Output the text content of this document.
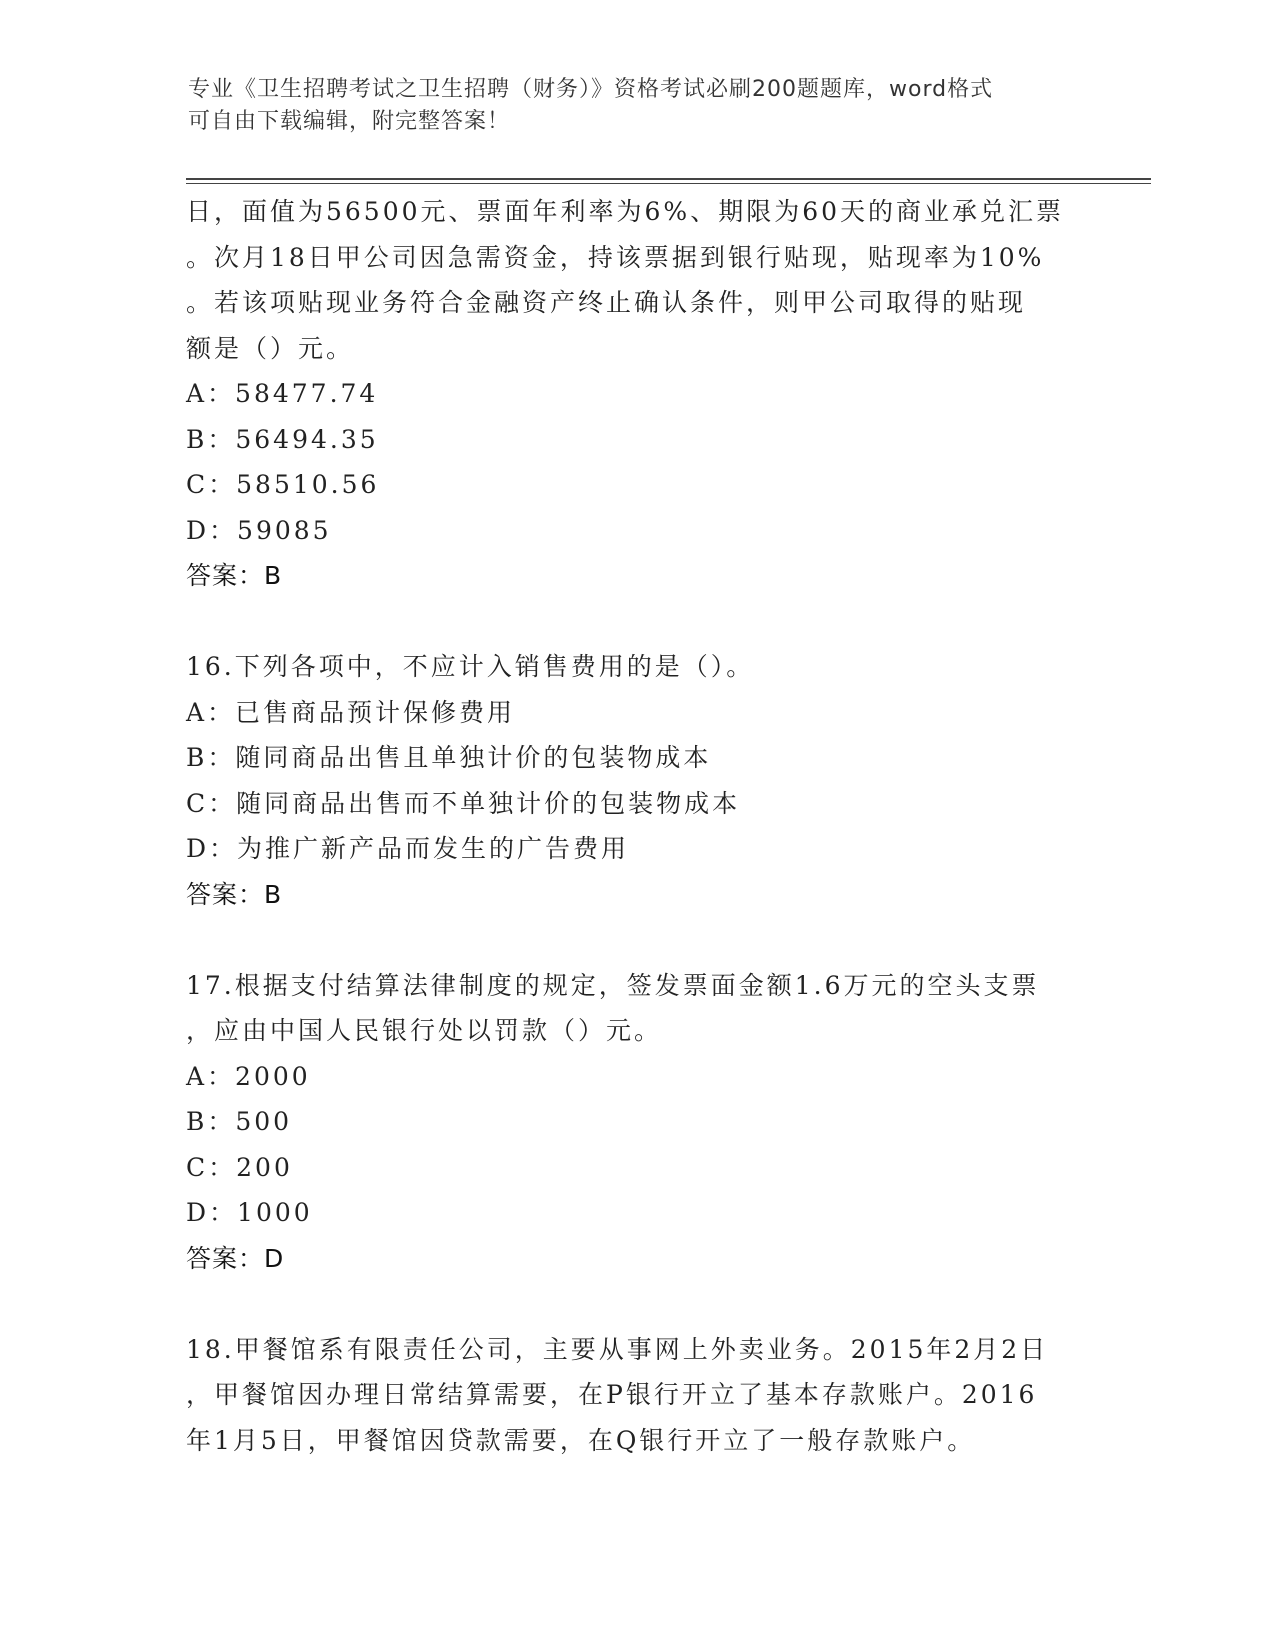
专业《卫生招聘考试之卫生招聘（财务）》资格考试必刷200题题库，word格式
可自由下载编辑，附完整答案！
日，面值为56500元、票面年利率为6%、期限为60天的商业承兑汇票
。次月18日甲公司因急需资金，持该票据到银行贴现，贴现率为10%
。若该项贴现业务符合金融资产终止确认条件，则甲公司取得的贴现
额是（）元。
A：58477.74
B：56494.35
C：58510.56
D：59085
答案：B
16.下列各项中，不应计入销售费用的是（）。
A：已售商品预计保修费用
B：随同商品出售且单独计价的包装物成本
C：随同商品出售而不单独计价的包装物成本
D：为推广新产品而发生的广告费用
答案：B
17.根据支付结算法律制度的规定，签发票面金额1.6万元的空头支票
，应由中国人民银行处以罚款（）元。
A：2000
B：500
C：200
D：1000
答案：D
18.甲餐馆系有限责任公司，主要从事网上外卖业务。2015年2月2日
，甲餐馆因办理日常结算需要，在P银行开立了基本存款账户。2016
年1月5日，甲餐馆因贷款需要，在Q银行开立了一般存款账户。
